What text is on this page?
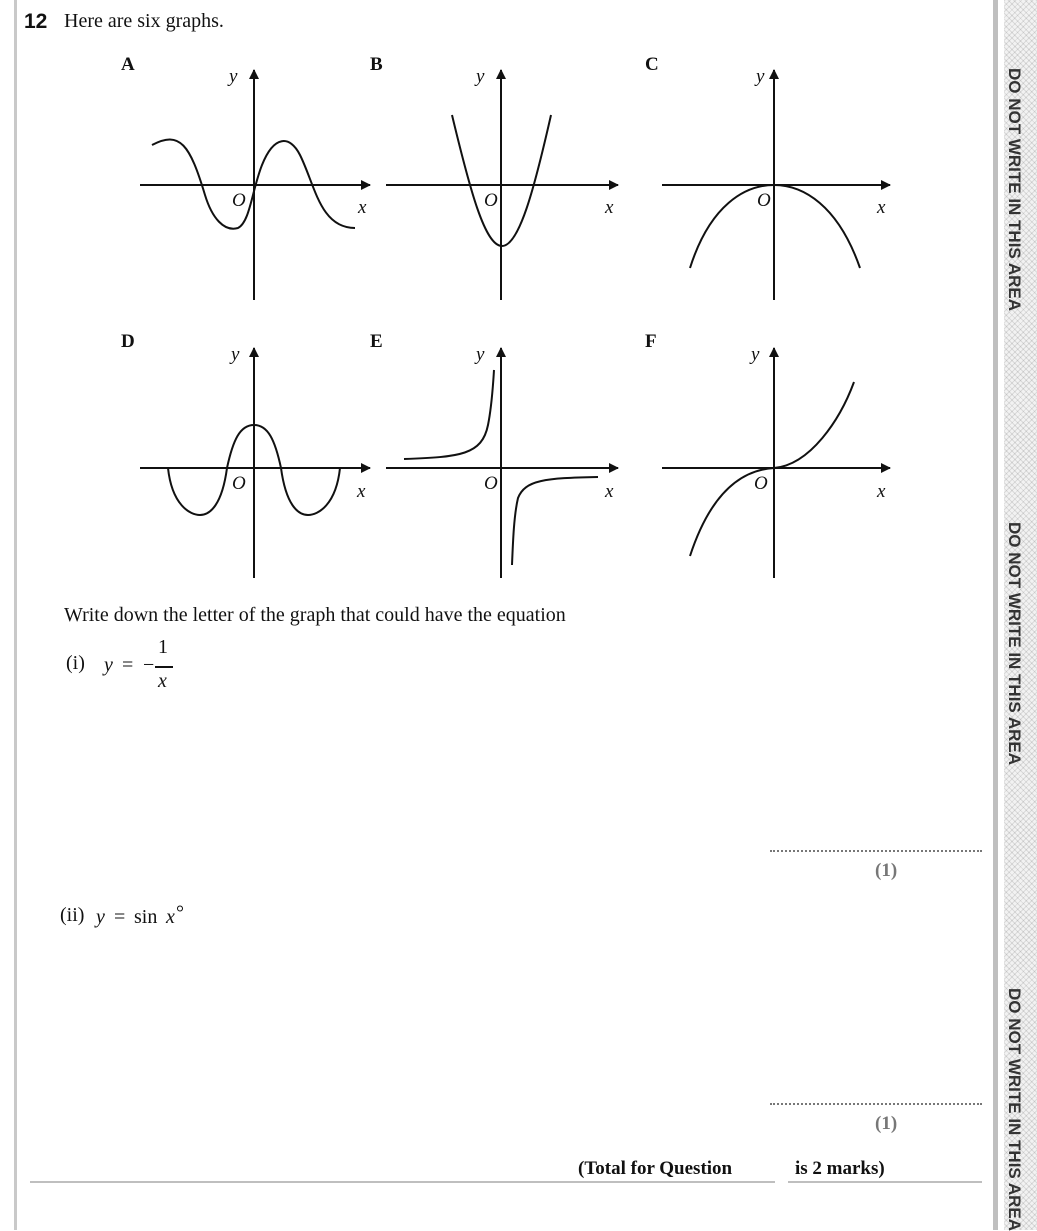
DO NOT WRITE IN THIS AREA
DO NOT WRITE IN THIS AREA
DO NOT WRITE IN THIS AREA
12 Here are six graphs.
A	B	C
D	E	F
y
x
O
y
x
O
y
x
O
y
x
O
y
x
O
y
x
O
Write down the letter of the graph that could have the equation
(i) y = −
1
x
(1)
(ii) y = sin x °
(1)
(Total for Question	is 2 marks)
